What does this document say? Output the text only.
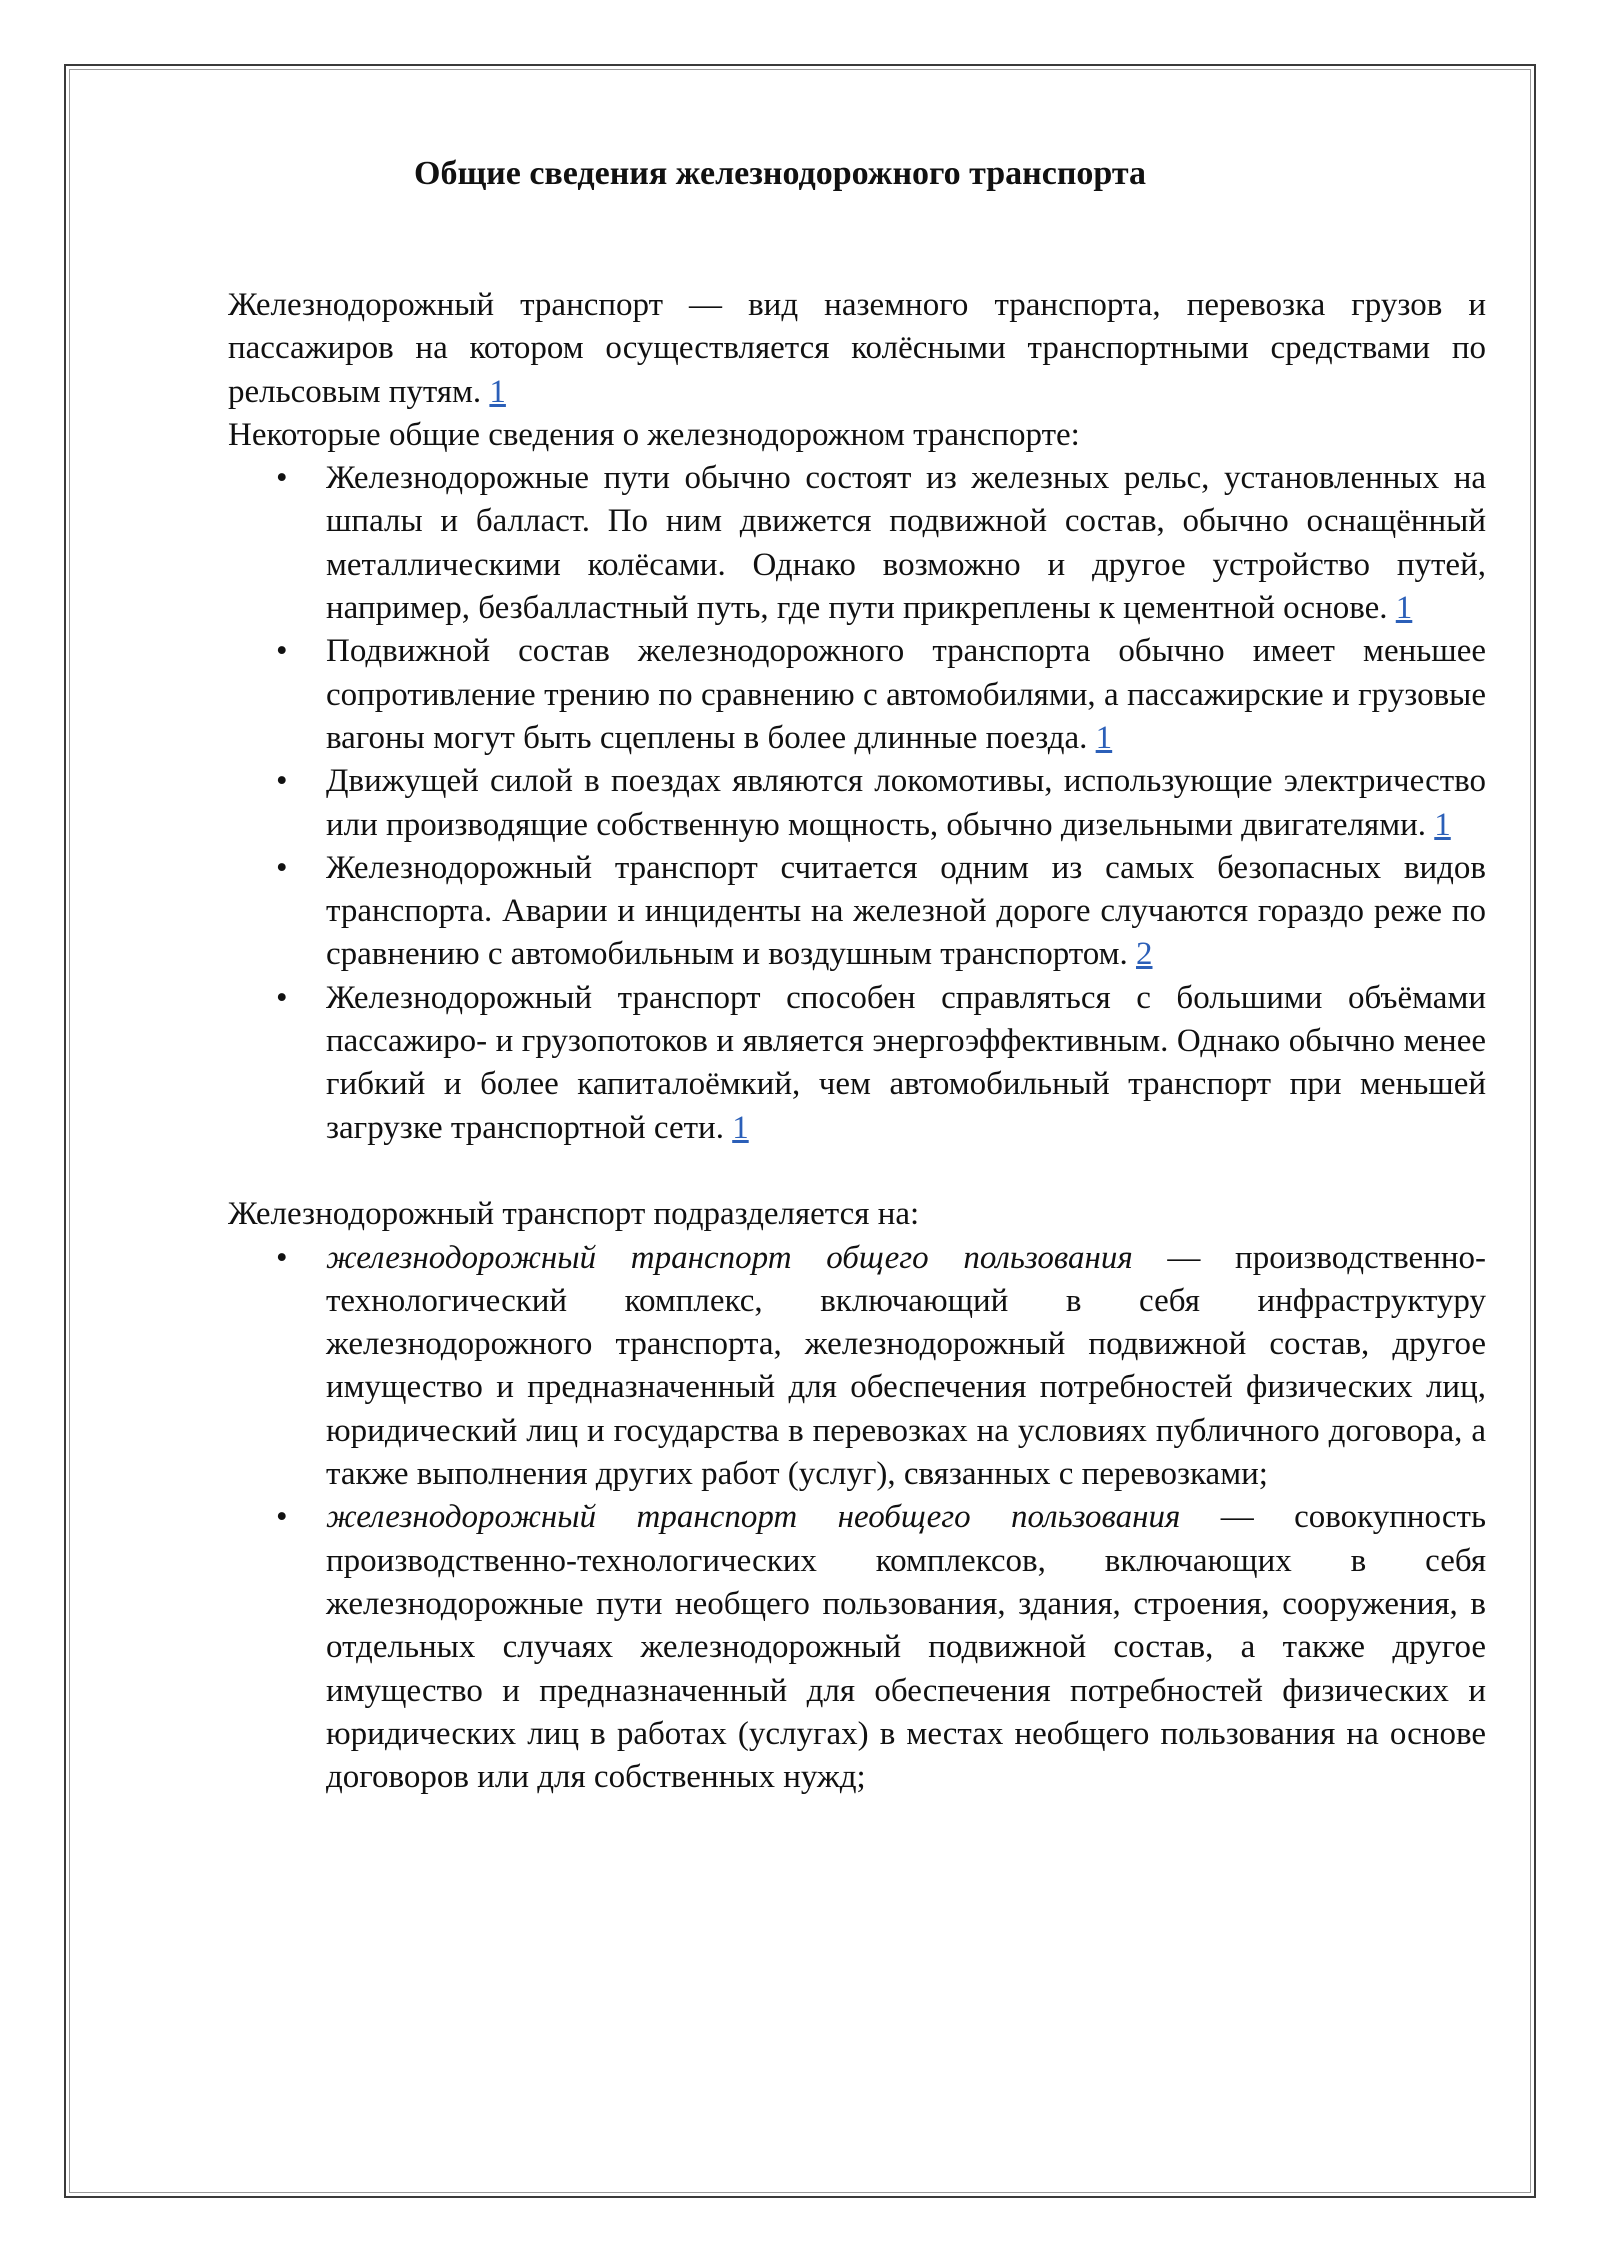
Общие сведения железнодорожного транспорта

Железнодорожный транспорт — вид наземного транспорта, перевозка грузов и пассажиров на котором осуществляется колёсными транспортными средствами по рельсовым путям. 1

Некоторые общие сведения о железнодорожном транспорте:

• Железнодорожные пути обычно состоят из железных рельс, установленных на шпалы и балласт. По ним движется подвижной состав, обычно оснащённый металлическими колёсами. Однако возможно и другое устройство путей, например, безбалластный путь, где пути прикреплены к цементной основе. 1
• Подвижной состав железнодорожного транспорта обычно имеет меньшее сопротивление трению по сравнению с автомобилями, а пассажирские и грузовые вагоны могут быть сцеплены в более длинные поезда. 1
• Движущей силой в поездах являются локомотивы, использующие электричество или производящие собственную мощность, обычно дизельными двигателями. 1
• Железнодорожный транспорт считается одним из самых безопасных видов транспорта. Аварии и инциденты на железной дороге случаются гораздо реже по сравнению с автомобильным и воздушным транспортом. 2
• Железнодорожный транспорт способен справляться с большими объёмами пассажиро- и грузопотоков и является энергоэффективным. Однако обычно менее гибкий и более капиталоёмкий, чем автомобильный транспорт при меньшей загрузке транспортной сети. 1

Железнодорожный транспорт подразделяется на:

• железнодорожный транспорт общего пользования — производственно-технологический комплекс, включающий в себя инфраструктуру железнодорожного транспорта, железнодорожный подвижной состав, другое имущество и предназначенный для обеспечения потребностей физических лиц, юридический лиц и государства в перевозках на условиях публичного договора, а также выполнения других работ (услуг), связанных с перевозками;
• железнодорожный транспорт необщего пользования — совокупность производственно-технологических комплексов, включающих в себя железнодорожные пути необщего пользования, здания, строения, сооружения, в отдельных случаях железнодорожный подвижной состав, а также другое имущество и предназначенный для обеспечения потребностей физических и юридических лиц в работах (услугах) в местах необщего пользования на основе договоров или для собственных нужд;
